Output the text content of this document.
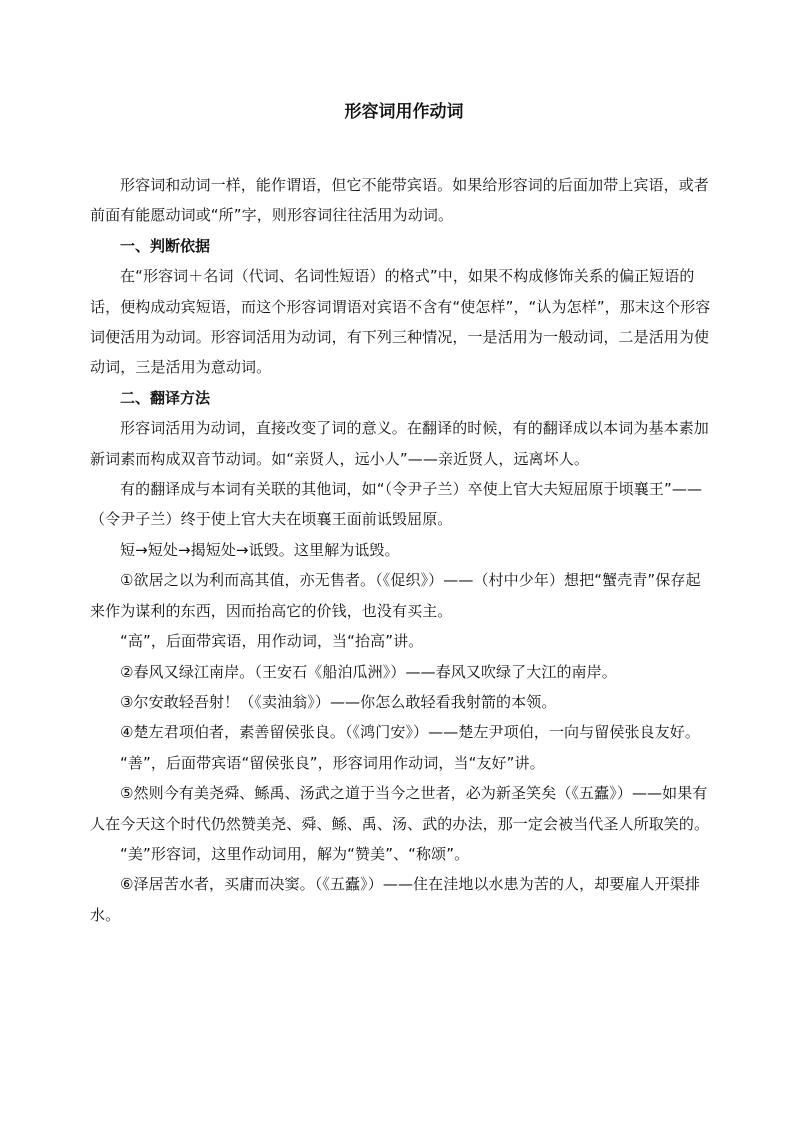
形容词用作动词

形容词和动词一样，能作谓语，但它不能带宾语。如果给形容词的后面加带上宾语，或者前面有能愿动词或“所”字，则形容词往往活用为动词。

一、判断依据

在“形容词＋名词（代词、名词性短语）的格式”中，如果不构成修饰关系的偏正短语的话，便构成动宾短语，而这个形容词谓语对宾语不含有“使怎样”，“认为怎样”，那末这个形容词便活用为动词。形容词活用为动词，有下列三种情况，一是活用为一般动词，二是活用为使动词，三是活用为意动词。

二、翻译方法

形容词活用为动词，直接改变了词的意义。在翻译的时候，有的翻译成以本词为基本素加新词素而构成双音节动词。如“亲贤人，远小人”——亲近贤人，远离坏人。

有的翻译成与本词有关联的其他词，如“（令尹子兰）卒使上官大夫短屈原于顷襄王”——（令尹子兰）终于使上官大夫在顷襄王面前诋毁屈原。

短→短处→揭短处→诋毁。这里解为诋毁。

①欲居之以为利而高其值，亦无售者。（《促织》）——（村中少年）想把“蟹壳青”保存起来作为谋利的东西，因而抬高它的价钱，也没有买主。

“高”，后面带宾语，用作动词，当“抬高”讲。

②春风又绿江南岸。（王安石《船泊瓜洲》）——春风又吹绿了大江的南岸。

③尔安敢轻吾射！（《卖油翁》）——你怎么敢轻看我射箭的本领。

④楚左君项伯者，素善留侯张良。（《鸿门安》）——楚左尹项伯，一向与留侯张良友好。

“善”，后面带宾语“留侯张良”，形容词用作动词，当“友好”讲。

⑤然则今有美尧舜、鲧禹、汤武之道于当今之世者，必为新圣笑矣（《五蠹》）——如果有人在今天这个时代仍然赞美尧、舜、鲧、禹、汤、武的办法，那一定会被当代圣人所取笑的。

“美”形容词，这里作动词用，解为“赞美”、“称颂”。

⑥泽居苦水者，买庸而决窦。（《五蠹》）——住在洼地以水患为苦的人，却要雇人开渠排水。
